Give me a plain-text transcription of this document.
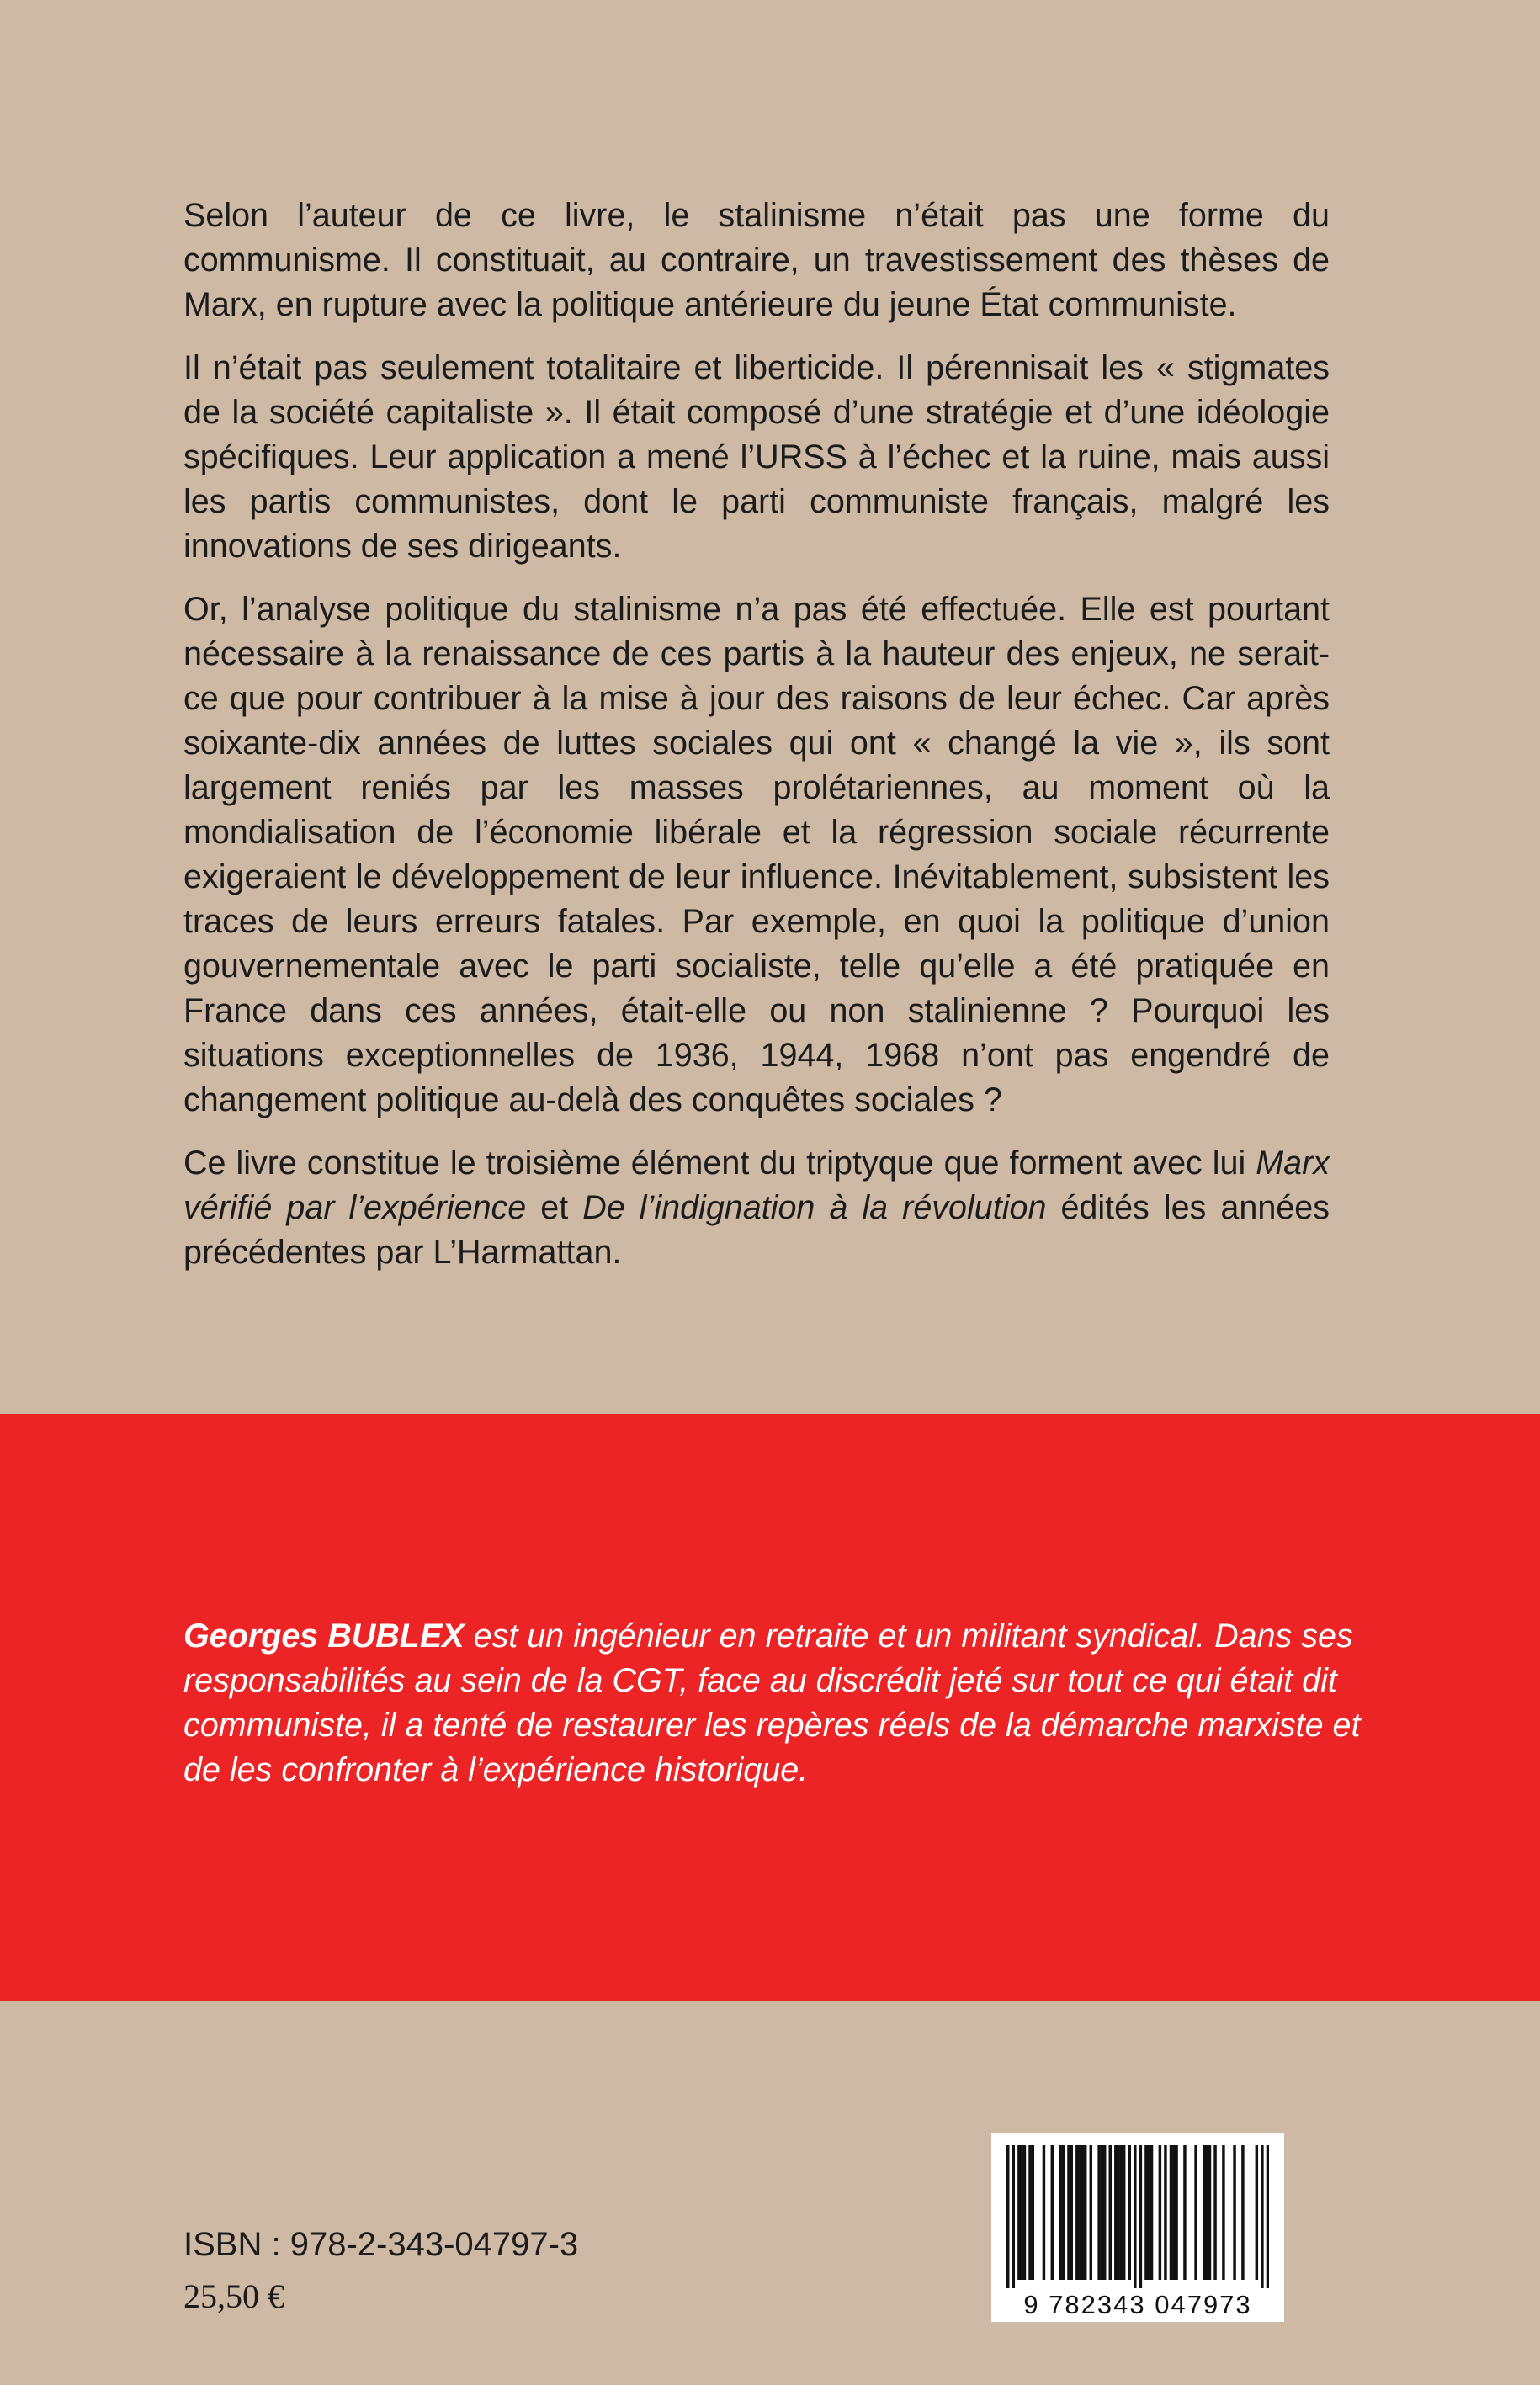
Selon l’auteur de ce livre, le stalinisme n’était pas une forme du communisme. Il constituait, au contraire, un travestissement des thèses de Marx, en rupture avec la politique antérieure du jeune État communiste.

Il n’était pas seulement totalitaire et liberticide. Il pérennisait les « stigmates de la société capitaliste ». Il était composé d’une stratégie et d’une idéologie spécifiques. Leur application a mené l’URSS à l’échec et la ruine, mais aussi les partis communistes, dont le parti communiste français, malgré les innovations de ses dirigeants.

Or, l’analyse politique du stalinisme n’a pas été effectuée. Elle est pourtant nécessaire à la renaissance de ces partis à la hauteur des enjeux, ne serait-ce que pour contribuer à la mise à jour des raisons de leur échec. Car après soixante-dix années de luttes sociales qui ont « changé la vie », ils sont largement reniés par les masses prolétariennes, au moment où la mondialisation de l’économie libérale et la régression sociale récurrente exigeraient le développement de leur influence. Inévitablement, subsistent les traces de leurs erreurs fatales. Par exemple, en quoi la politique d’union gouvernementale avec le parti socialiste, telle qu’elle a été pratiquée en France dans ces années, était-elle ou non stalinienne ? Pourquoi les situations exceptionnelles de 1936, 1944, 1968 n’ont pas engendré de changement politique au-delà des conquêtes sociales ?

Ce livre constitue le troisième élément du triptyque que forment avec lui Marx vérifié par l’expérience et De l’indignation à la révolution édités les années précédentes par L’Harmattan.

Georges BUBLEX est un ingénieur en retraite et un militant syndical. Dans ses responsabilités au sein de la CGT, face au discrédit jeté sur tout ce qui était dit communiste, il a tenté de restaurer les repères réels de la démarche marxiste et de les confronter à l’expérience historique.

ISBN : 978-2-343-04797-3
25,50 €	9 782343 047973
